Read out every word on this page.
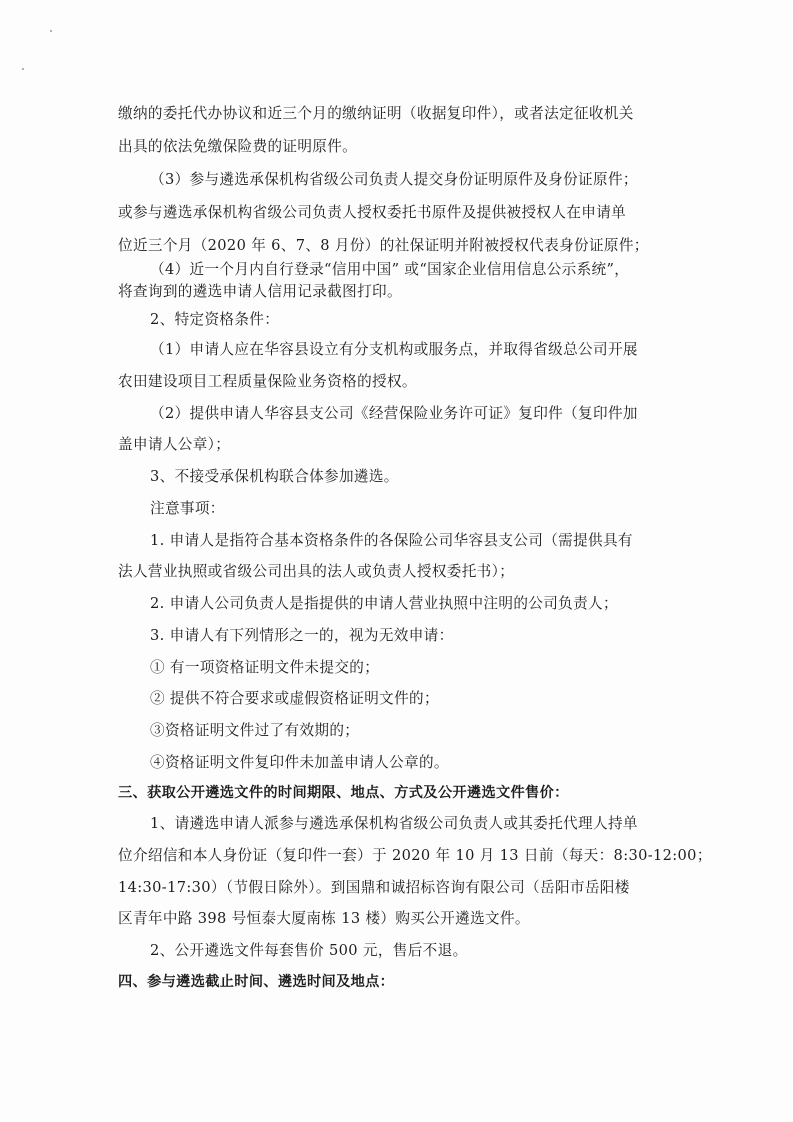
缴纳的委托代办协议和近三个月的缴纳证明（收据复印件），或者法定征收机关
出具的依法免缴保险费的证明原件。
（3）参与遴选承保机构省级公司负责人提交身份证明原件及身份证原件；
或参与遴选承保机构省级公司负责人授权委托书原件及提供被授权人在申请单
位近三个月（2020 年 6、7、8 月份）的社保证明并附被授权代表身份证原件；
（4）近一个月内自行登录“信用中国” 或“国家企业信用信息公示系统”，
将查询到的遴选申请人信用记录截图打印。
2、特定资格条件：
（1）申请人应在华容县设立有分支机构或服务点，并取得省级总公司开展
农田建设项目工程质量保险业务资格的授权。
（2）提供申请人华容县支公司《经营保险业务许可证》复印件（复印件加
盖申请人公章）；
3、不接受承保机构联合体参加遴选。
注意事项：
1. 申请人是指符合基本资格条件的各保险公司华容县支公司（需提供具有
法人营业执照或省级公司出具的法人或负责人授权委托书）；
2. 申请人公司负责人是指提供的申请人营业执照中注明的公司负责人；
3. 申请人有下列情形之一的，视为无效申请：
① 有一项资格证明文件未提交的；
② 提供不符合要求或虚假资格证明文件的；
③资格证明文件过了有效期的；
④资格证明文件复印件未加盖申请人公章的。
三、获取公开遴选文件的时间期限、地点、方式及公开遴选文件售价：
1、请遴选申请人派参与遴选承保机构省级公司负责人或其委托代理人持单
位介绍信和本人身份证（复印件一套）于 2020 年 10 月 13 日前（每天：8:30-12:00；
14:30-17:30）（节假日除外）。到国鼎和诚招标咨询有限公司（岳阳市岳阳楼
区青年中路 398 号恒泰大厦南栋 13 楼）购买公开遴选文件。
2、公开遴选文件每套售价 500 元，售后不退。
四、参与遴选截止时间、遴选时间及地点：
